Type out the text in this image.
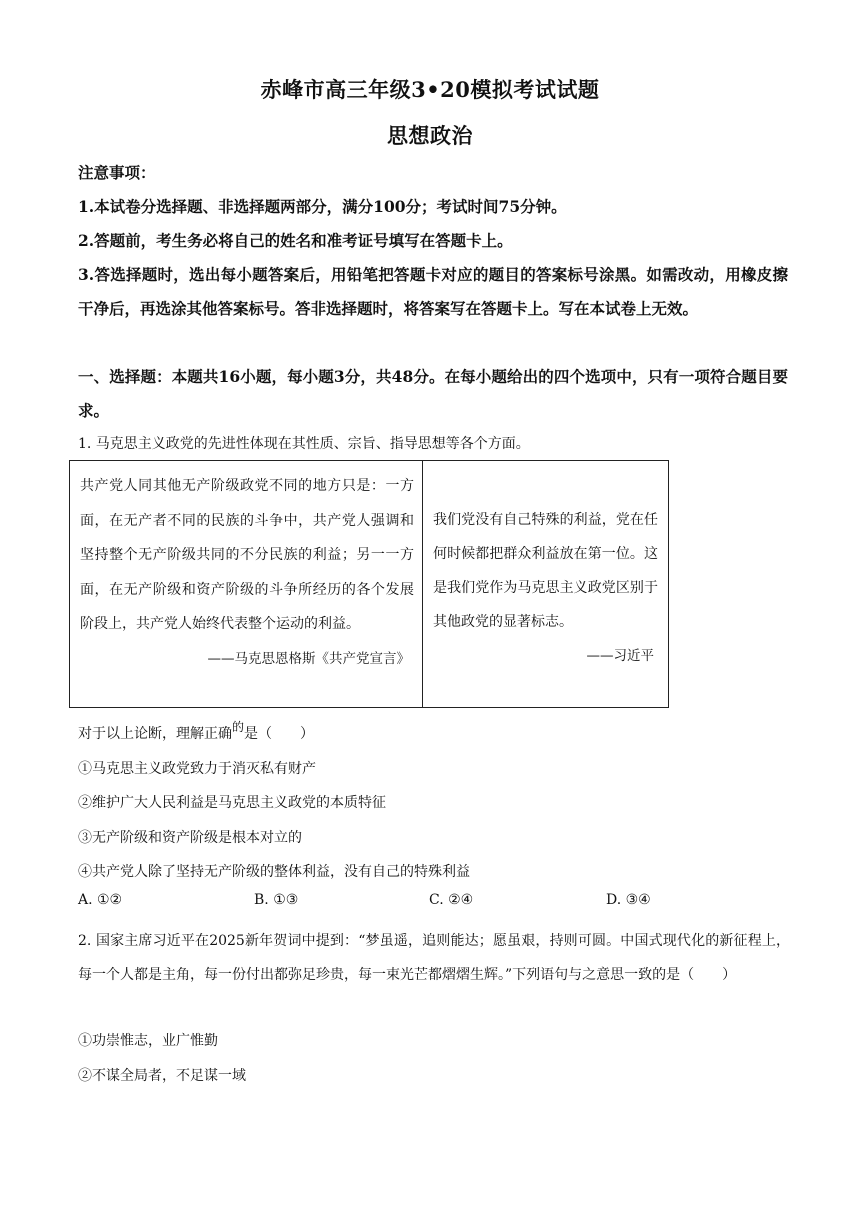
赤峰市高三年级3•20模拟考试试题
思想政治
注意事项：
1.本试卷分选择题、非选择题两部分，满分100分；考试时间75分钟。
2.答题前，考生务必将自己的姓名和准考证号填写在答题卡上。
3.答选择题时，选出每小题答案后，用铅笔把答题卡对应的题目的答案标号涂黑。如需改动，用橡皮擦干净后，再选涂其他答案标号。答非选择题时，将答案写在答题卡上。写在本试卷上无效。
一、选择题：本题共16小题，每小题3分，共48分。在每小题给出的四个选项中，只有一项符合题目要求。
1. 马克思主义政党的先进性体现在其性质、宗旨、指导思想等各个方面。
共产党人同其他无产阶级政党不同的地方只是：一方面，在无产者不同的民族的斗争中，共产党人强调和坚持整个无产阶级共同的不分民族的利益；另一一方面，在无产阶级和资产阶级的斗争所经历的各个发展阶段上，共产党人始终代表整个运动的利益。
——马克思恩格斯《共产党宣言》
我们党没有自己特殊的利益，党在任何时候都把群众利益放在第一位。这是我们党作为马克思主义政党区别于其他政党的显著标志。
——习近平
对于以上论断，理解正确的是（　　）
①马克思主义政党致力于消灭私有财产
②维护广大人民利益是马克思主义政党的本质特征
③无产阶级和资产阶级是根本对立的
④共产党人除了坚持无产阶级的整体利益，没有自己的特殊利益
A. ①②	B. ①③	C. ②④	D. ③④
2. 国家主席习近平在2025新年贺词中提到：“梦虽遥，追则能达；愿虽艰，持则可圆。中国式现代化的新征程上，每一个人都是主角，每一份付出都弥足珍贵，每一束光芒都熠熠生辉。”下列语句与之意思一致的是（　　）
①功崇惟志，业广惟勤
②不谋全局者，不足谋一域
